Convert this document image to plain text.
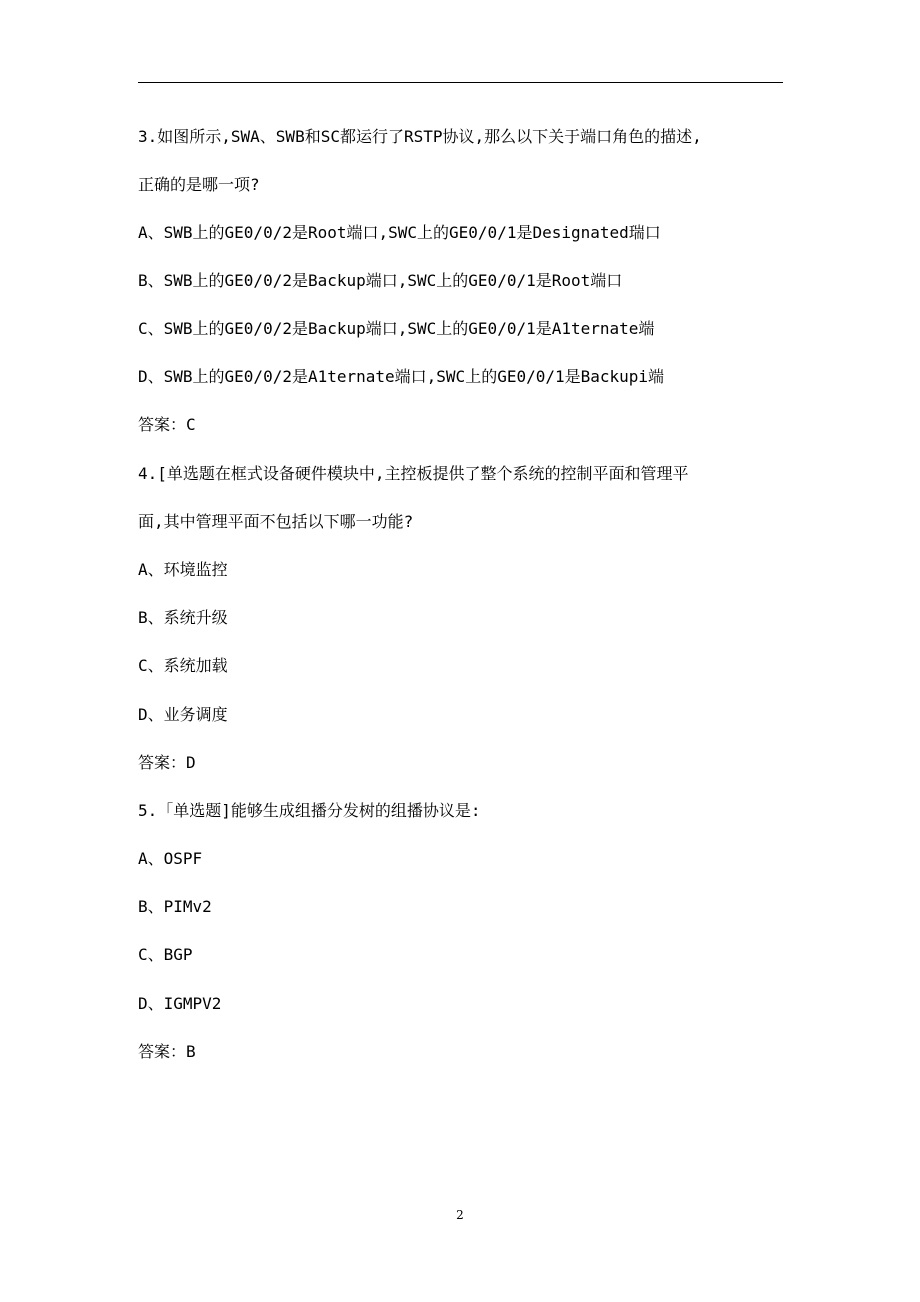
3.如图所示,SWA、SWB和SC都运行了RSTP协议,那么以下关于端口角色的描述,
正确的是哪一项?
A、SWB上的GE0/0/2是Root端口,SWC上的GE0/0/1是Designated瑞口
B、SWB上的GE0/0/2是Backup端口,SWC上的GE0/0/1是Root端口
C、SWB上的GE0/0/2是Backup端口,SWC上的GE0/0/1是A1ternate端
D、SWB上的GE0/0/2是A1ternate端口,SWC上的GE0/0/1是Backupi端
答案：C
4.[单选题在框式设备硬件模块中,主控板提供了整个系统的控制平面和管理平
面,其中管理平面不包括以下哪一功能?
A、环境监控
B、系统升级
C、系统加载
D、业务调度
答案：D
5.「单选题]能够生成组播分发树的组播协议是:
A、OSPF
B、PIMv2
C、BGP
D、IGMPV2
答案：B
2
